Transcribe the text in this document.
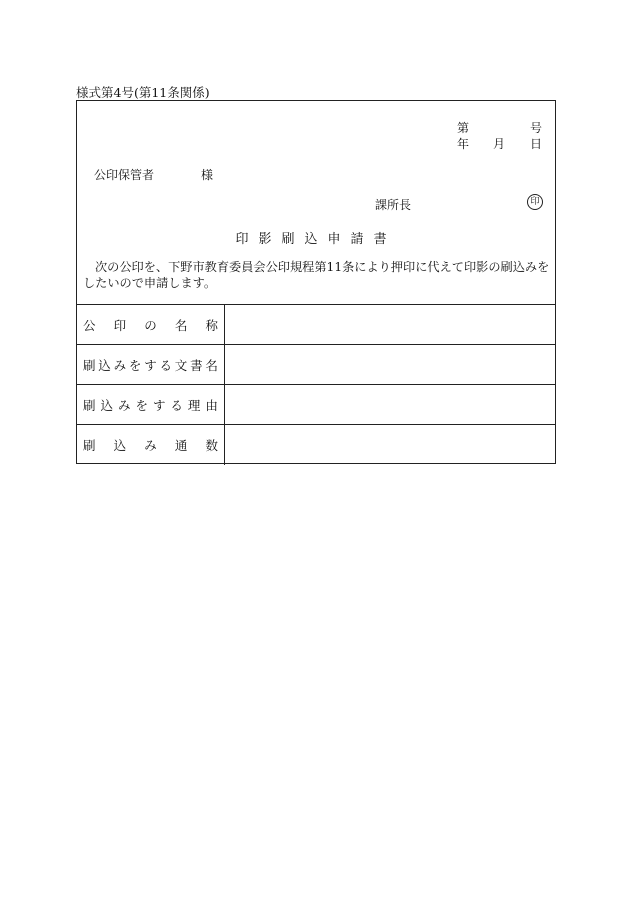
様式第4号(第11条関係)
第	号
年 月 日
公印保管者	様
課所長	印
印影刷込申請書
次の公印を、下野市教育委員会公印規程第11条により押印に代えて印影の刷込みをしたいので申請します。
公 印 の 名 称
刷 込 み を す る 文 書 名
刷 込 み を す る 理 由
刷 込 み 通 数
